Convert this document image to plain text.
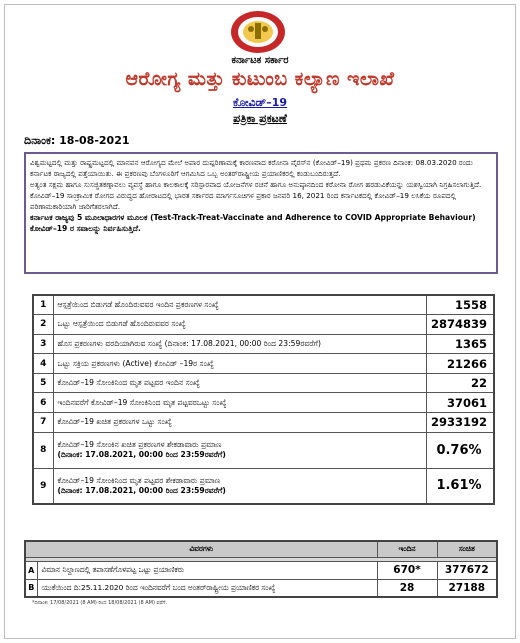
ಕರ್ನಾಟಕ ಸರ್ಕಾರ
ಆರೋಗ್ಯ ಮತ್ತು ಕುಟುಂಬ ಕಲ್ಯಾಣ ಇಲಾಖೆ
ಕೋವಿಡ್–19
ಪತ್ರಿಕಾ ಪ್ರಕಟಣೆ
ದಿನಾಂಕ: 18-08-2021

ವಿಶ್ವಮಟ್ಟದಲ್ಲಿ ಮತ್ತು ರಾಷ್ಟ್ರಮಟ್ಟದಲ್ಲಿ ಮಾನವನ ಆರೋಗ್ಯದ ಮೇಲೆ ಅಪಾರ ದುಷ್ಪರಿಣಾಮಕ್ಕೆ ಕಾರಣವಾದ ಕರೋನಾ ವೈರಸ್‌ನ (ಕೋವಿಡ್–19) ಪ್ರಥಮ ಪ್ರಕರಣ ದಿನಾಂಕ: 08.03.2020 ರಂದು ಕರ್ನಾಟಕ ರಾಜ್ಯದಲ್ಲಿ ಪತ್ತೆಯಾಯಿತು. ಈ ಪ್ರಕರಣವು ಬೆಂಗಳೂರಿಗೆ ಆಗಮಿಸಿದ ಒಬ್ಬ ಅಂತರ್‌ರಾಷ್ಟ್ರೀಯ ಪ್ರಯಾಣಿಕರಲ್ಲಿ ಕಂಡುಬಂದಿರುತ್ತದೆ.

ಅತ್ಯಂತ ಸಕ್ಷಮ ಹಾಗೂ ಸುಸಜ್ಜಿತಕಣ್ಗಾವಲು ವ್ಯವಸ್ಥೆ ಹಾಗೂ ಕಾಲಕಾಲಕ್ಕೆ ಸರಿಸ್ಪಾರವಾದ ಯೋಜನೆಗಳ ರಚನೆ ಹಾಗೂ ಅನುಷ್ಠಾನದಿಂದ ಕರೋನಾ ರೋಗ ಹರಡುವಿಕೆಯನ್ನು ಯಶಸ್ವಿಯಾಗಿ ನಿಗ್ರಹಿಸಲಾಗುತ್ತಿದೆ.

ಕೋವಿಡ್–19 ಸಾಂಕ್ರಾಮಿಕ ರೋಗದ ವಿರುದ್ಧದ ಹೋರಾಟದಲ್ಲಿ ಭಾರತ ಸರ್ಕಾರದ ಮಾರ್ಗಸೂಚಿಗಳ ಪ್ರಕಾರ ಜನವರಿ 16, 2021 ರಿಂದ ಕರ್ನಾಟಕದಲ್ಲಿ ಕೋವಿಡ್–19 ಲಸಿಕೆಯ ರೂಪದಲ್ಲಿ ಪರಿಣಾಮಕಾರಿಯಾಗಿ ಜಾರಿಗೆತರಲಾಗಿದೆ.

ಕರ್ನಾಟಕ ರಾಜ್ಯವು 5 ಮೂಲಾಧಾರಗಳ ಮೂಲಕ (Test-Track-Treat-Vaccinate and Adherence to COVID Appropriate Behaviour) ಕೋವಿಡ್–19 ರ ಸವಾಲನ್ನು ನಿರ್ವಹಿಸುತ್ತಿದೆ.

1	ಆಸ್ಪತ್ರೆಯಿಂದ ಬಿಡುಗಡೆ ಹೊಂದಿರುವವರ ಇಂದಿನ ಪ್ರಕರಣಗಳ ಸಂಖ್ಯೆ	1558
2	ಒಟ್ಟು ಆಸ್ಪತ್ರೆಯಿಂದ ಬಿಡುಗಡೆ ಹೊಂದಿರುವವರ ಸಂಖ್ಯೆ	2874839
3	ಹೊಸ ಪ್ರಕರಣಗಳು ವರದಿಯಾಗಿರುವ ಸಂಖ್ಯೆ (ದಿನಾಂಕ: 17.08.2021, 00:00 ರಿಂದ 23:59ರವರೆಗೆ)	1365
4	ಒಟ್ಟು ಸಕ್ರಿಯ ಪ್ರಕರಣಗಳು (Active) ಕೋವಿಡ್ –19ರ ಸಂಖ್ಯೆ	21266
5	ಕೋವಿಡ್–19 ಸೋಂಕಿನಿಂದ ಮೃತ ಪಟ್ಟವರ ಇಂದಿನ ಸಂಖ್ಯೆ	22
6	ಇಂದಿನವರೆಗೆ ಕೋವಿಡ್–19 ಸೋಂಕಿನಿಂದ ಮೃತ ಪಟ್ಟವರಒಟ್ಟು ಸಂಖ್ಯೆ	37061
7	ಕೋವಿಡ್–19 ಖಚಿತ ಪ್ರಕರಣಗಳ ಒಟ್ಟು ಸಂಖ್ಯೆ	2933192
8	ಕೋವಿಡ್–19 ಸೋಂಕಿನ ಖಚಿತ ಪ್ರಕರಣಗಳ ಶೇಕಡಾವಾರು ಪ್ರಮಾಣ
(ದಿನಾಂಕ: 17.08.2021, 00:00 ರಿಂದ 23:59ರವರೆಗೆ)	0.76%
9	ಕೋವಿಡ್–19 ಸೋಂಕಿನಿಂದ ಮೃತ ಪಟ್ಟವರ ಶೇಕಡಾವಾರು ಪ್ರಮಾಣ
(ದಿನಾಂಕ: 17.08.2021, 00:00 ರಿಂದ 23:59ರವರೆಗೆ)	1.61%
ವಿವರಗಳು		ಇಂದಿನ	ಸಂಚಿತ

A	ವಿಮಾನ ನಿಲ್ದಾಣದಲ್ಲಿ ತಪಾಸಣೆಗೊಳಪಟ್ಟ ಒಟ್ಟು ಪ್ರಯಾಣಿಕರು	670*	377672
B	ಯುಕೆಯಿಂದ ದಿ:25.11.2020 ರಿಂದ ಇಂದಿನವರೆಗೆ ಬಂದ ಅಂತರ್‌ರಾಷ್ಟ್ರೀಯ ಪ್ರಯಾಣಿಕರ ಸಂಖ್ಯೆ	28	27188
*ದಿನಾಂಕ: 17/08/2021 (8 AM) ರಿಂದ 18/08/2021 (8 AM) ವರೆಗೆ.
